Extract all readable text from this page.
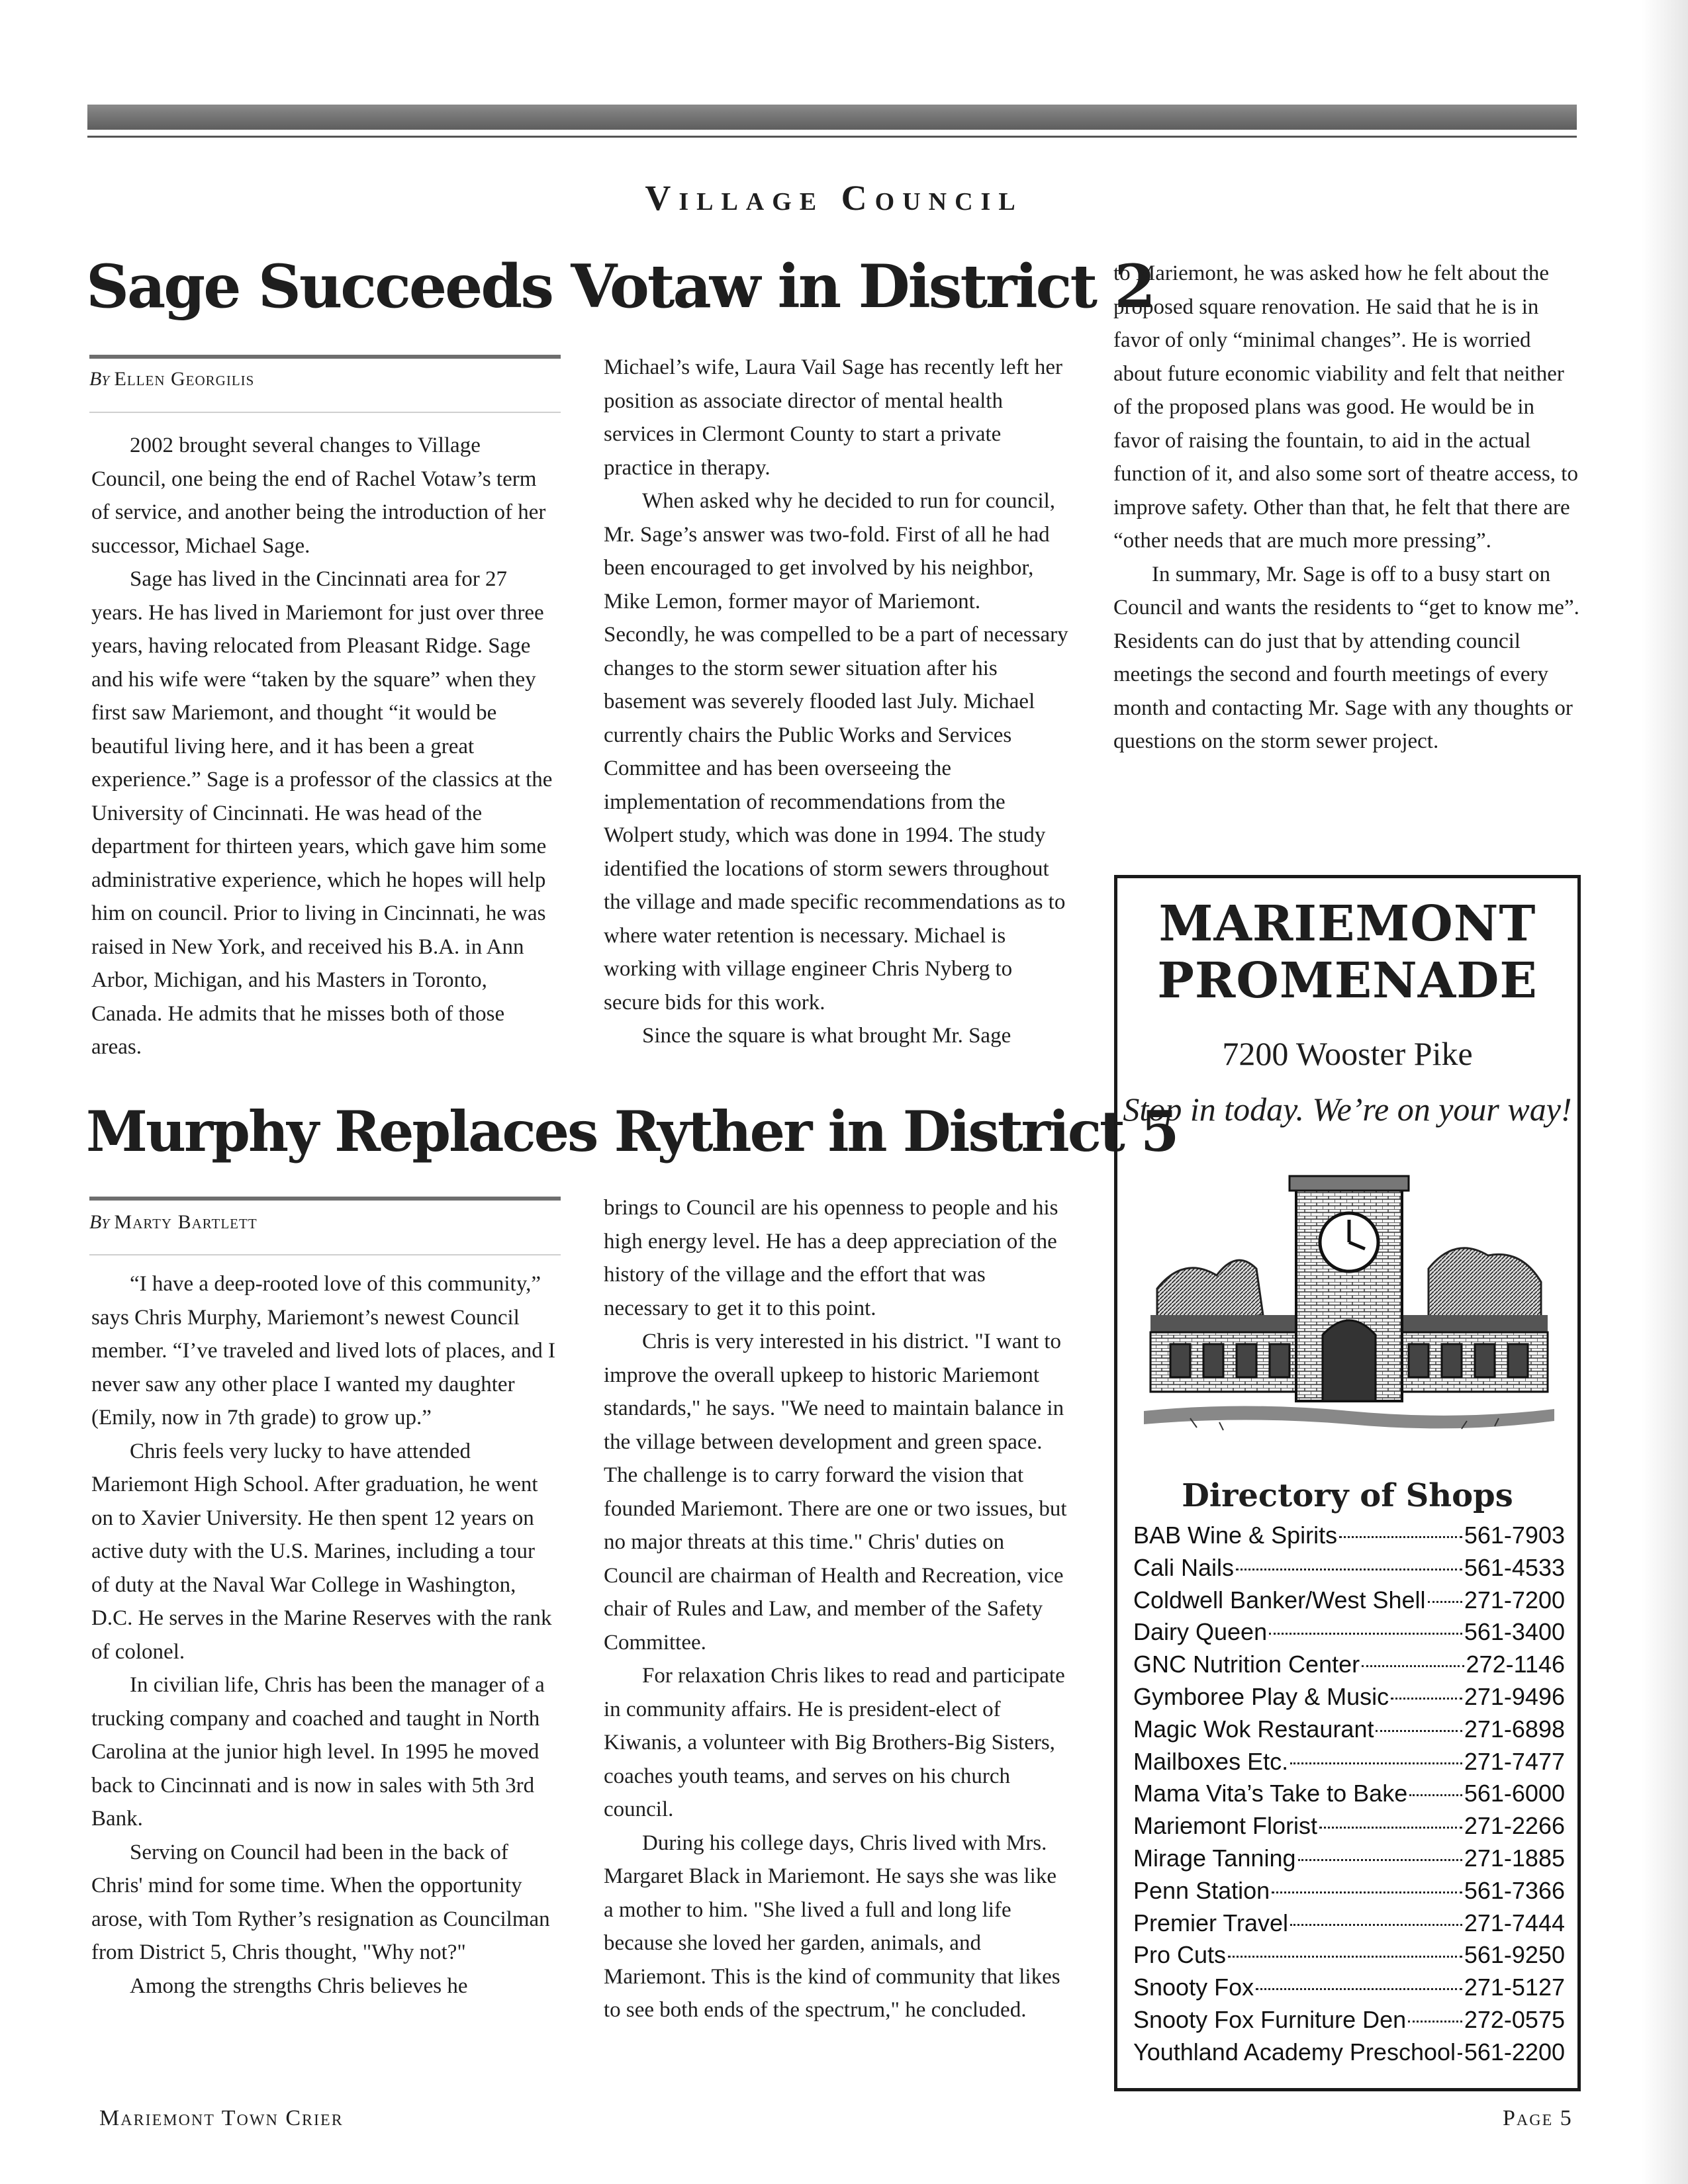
Village Council
Sage Succeeds Votaw in District 2

By Ellen Georgilis

2002 brought several changes to Village Council, one being the end of Rachel Votaw’s term of service, and another being the introduction of her successor, Michael Sage.

Sage has lived in the Cincinnati area for 27 years. He has lived in Mariemont for just over three years, having relocated from Pleasant Ridge. Sage and his wife were “taken by the square” when they first saw Mariemont, and thought “it would be beautiful living here, and it has been a great experience.” Sage is a professor of the classics at the University of Cincinnati. He was head of the department for thirteen years, which gave him some administrative experience, which he hopes will help him on council. Prior to living in Cincinnati, he was raised in New York, and received his B.A. in Ann Arbor, Michigan, and his Masters in Toronto, Canada. He admits that he misses both of those areas.

Michael’s wife, Laura Vail Sage has recently left her position as associate director of mental health services in Clermont County to start a private practice in therapy.

When asked why he decided to run for council, Mr. Sage’s answer was two-fold. First of all he had been encouraged to get involved by his neighbor, Mike Lemon, former mayor of Mariemont. Secondly, he was compelled to be a part of necessary changes to the storm sewer situation after his basement was severely flooded last July. Michael currently chairs the Public Works and Services Committee and has been overseeing the implementation of recommendations from the Wolpert study, which was done in 1994. The study identified the locations of storm sewers throughout the village and made specific recommendations as to where water retention is necessary. Michael is working with village engineer Chris Nyberg to secure bids for this work.

Since the square is what brought Mr. Sage

to Mariemont, he was asked how he felt about the proposed square renovation. He said that he is in favor of only “minimal changes”. He is worried about future economic viability and felt that neither of the proposed plans was good. He would be in favor of raising the fountain, to aid in the actual function of it, and also some sort of theatre access, to improve safety. Other than that, he felt that there are “other needs that are much more pressing”.

In summary, Mr. Sage is off to a busy start on Council and wants the residents to “get to know me”. Residents can do just that by attending council meetings the second and fourth meetings of every month and contacting Mr. Sage with any thoughts or questions on the storm sewer project.

Murphy Replaces Ryther in District 5

By Marty Bartlett

“I have a deep-rooted love of this community,” says Chris Murphy, Mariemont’s newest Council member. “I’ve traveled and lived lots of places, and I never saw any other place I wanted my daughter (Emily, now in 7th grade) to grow up.”

Chris feels very lucky to have attended Mariemont High School. After graduation, he went on to Xavier University. He then spent 12 years on active duty with the U.S. Marines, including a tour of duty at the Naval War College in Washington, D.C. He serves in the Marine Reserves with the rank of colonel.

In civilian life, Chris has been the manager of a trucking company and coached and taught in North Carolina at the junior high level. In 1995 he moved back to Cincinnati and is now in sales with 5th 3rd Bank.

Serving on Council had been in the back of Chris' mind for some time. When the opportunity arose, with Tom Ryther’s resignation as Councilman from District 5, Chris thought, "Why not?"

Among the strengths Chris believes he

brings to Council are his openness to people and his high energy level. He has a deep appreciation of the history of the village and the effort that was necessary to get it to this point.

Chris is very interested in his district. "I want to improve the overall upkeep to historic Mariemont standards," he says. "We need to maintain balance in the village between development and green space. The challenge is to carry forward the vision that founded Mariemont. There are one or two issues, but no major threats at this time." Chris' duties on Council are chairman of Health and Recreation, vice chair of Rules and Law, and member of the Safety Committee.

For relaxation Chris likes to read and participate in community affairs. He is president-elect of Kiwanis, a volunteer with Big Brothers-Big Sisters, coaches youth teams, and serves on his church council.

During his college days, Chris lived with Mrs. Margaret Black in Mariemont. He says she was like a mother to him. "She lived a full and long life because she loved her garden, animals, and Mariemont. This is the kind of community that likes to see both ends of the spectrum," he concluded.

MARIEMONT

PROMENADE

7200 Wooster Pike
Stop in today. We’re on your way!

Directory of Shops

BAB Wine & Spirits	561-7903
Cali Nails	561-4533
Coldwell Banker/West Shell 271-7200
Dairy Queen	561-3400
GNC Nutrition Center	272-1146
Gymboree Play & Music	271-9496
Magic Wok Restaurant	271-6898
Mailboxes Etc.	271-7477
Mama Vita’s Take to Bake 561-6000
Mariemont Florist	271-2266
Mirage Tanning	271-1885
Penn Station	561-7366
Premier Travel	271-7444
Pro Cuts	561-9250
Snooty Fox	271-5127
Snooty Fox Furniture Den 272-0575
Youthland Academy Preschool 561-2200

Mariemont Town Crier	Page 5
